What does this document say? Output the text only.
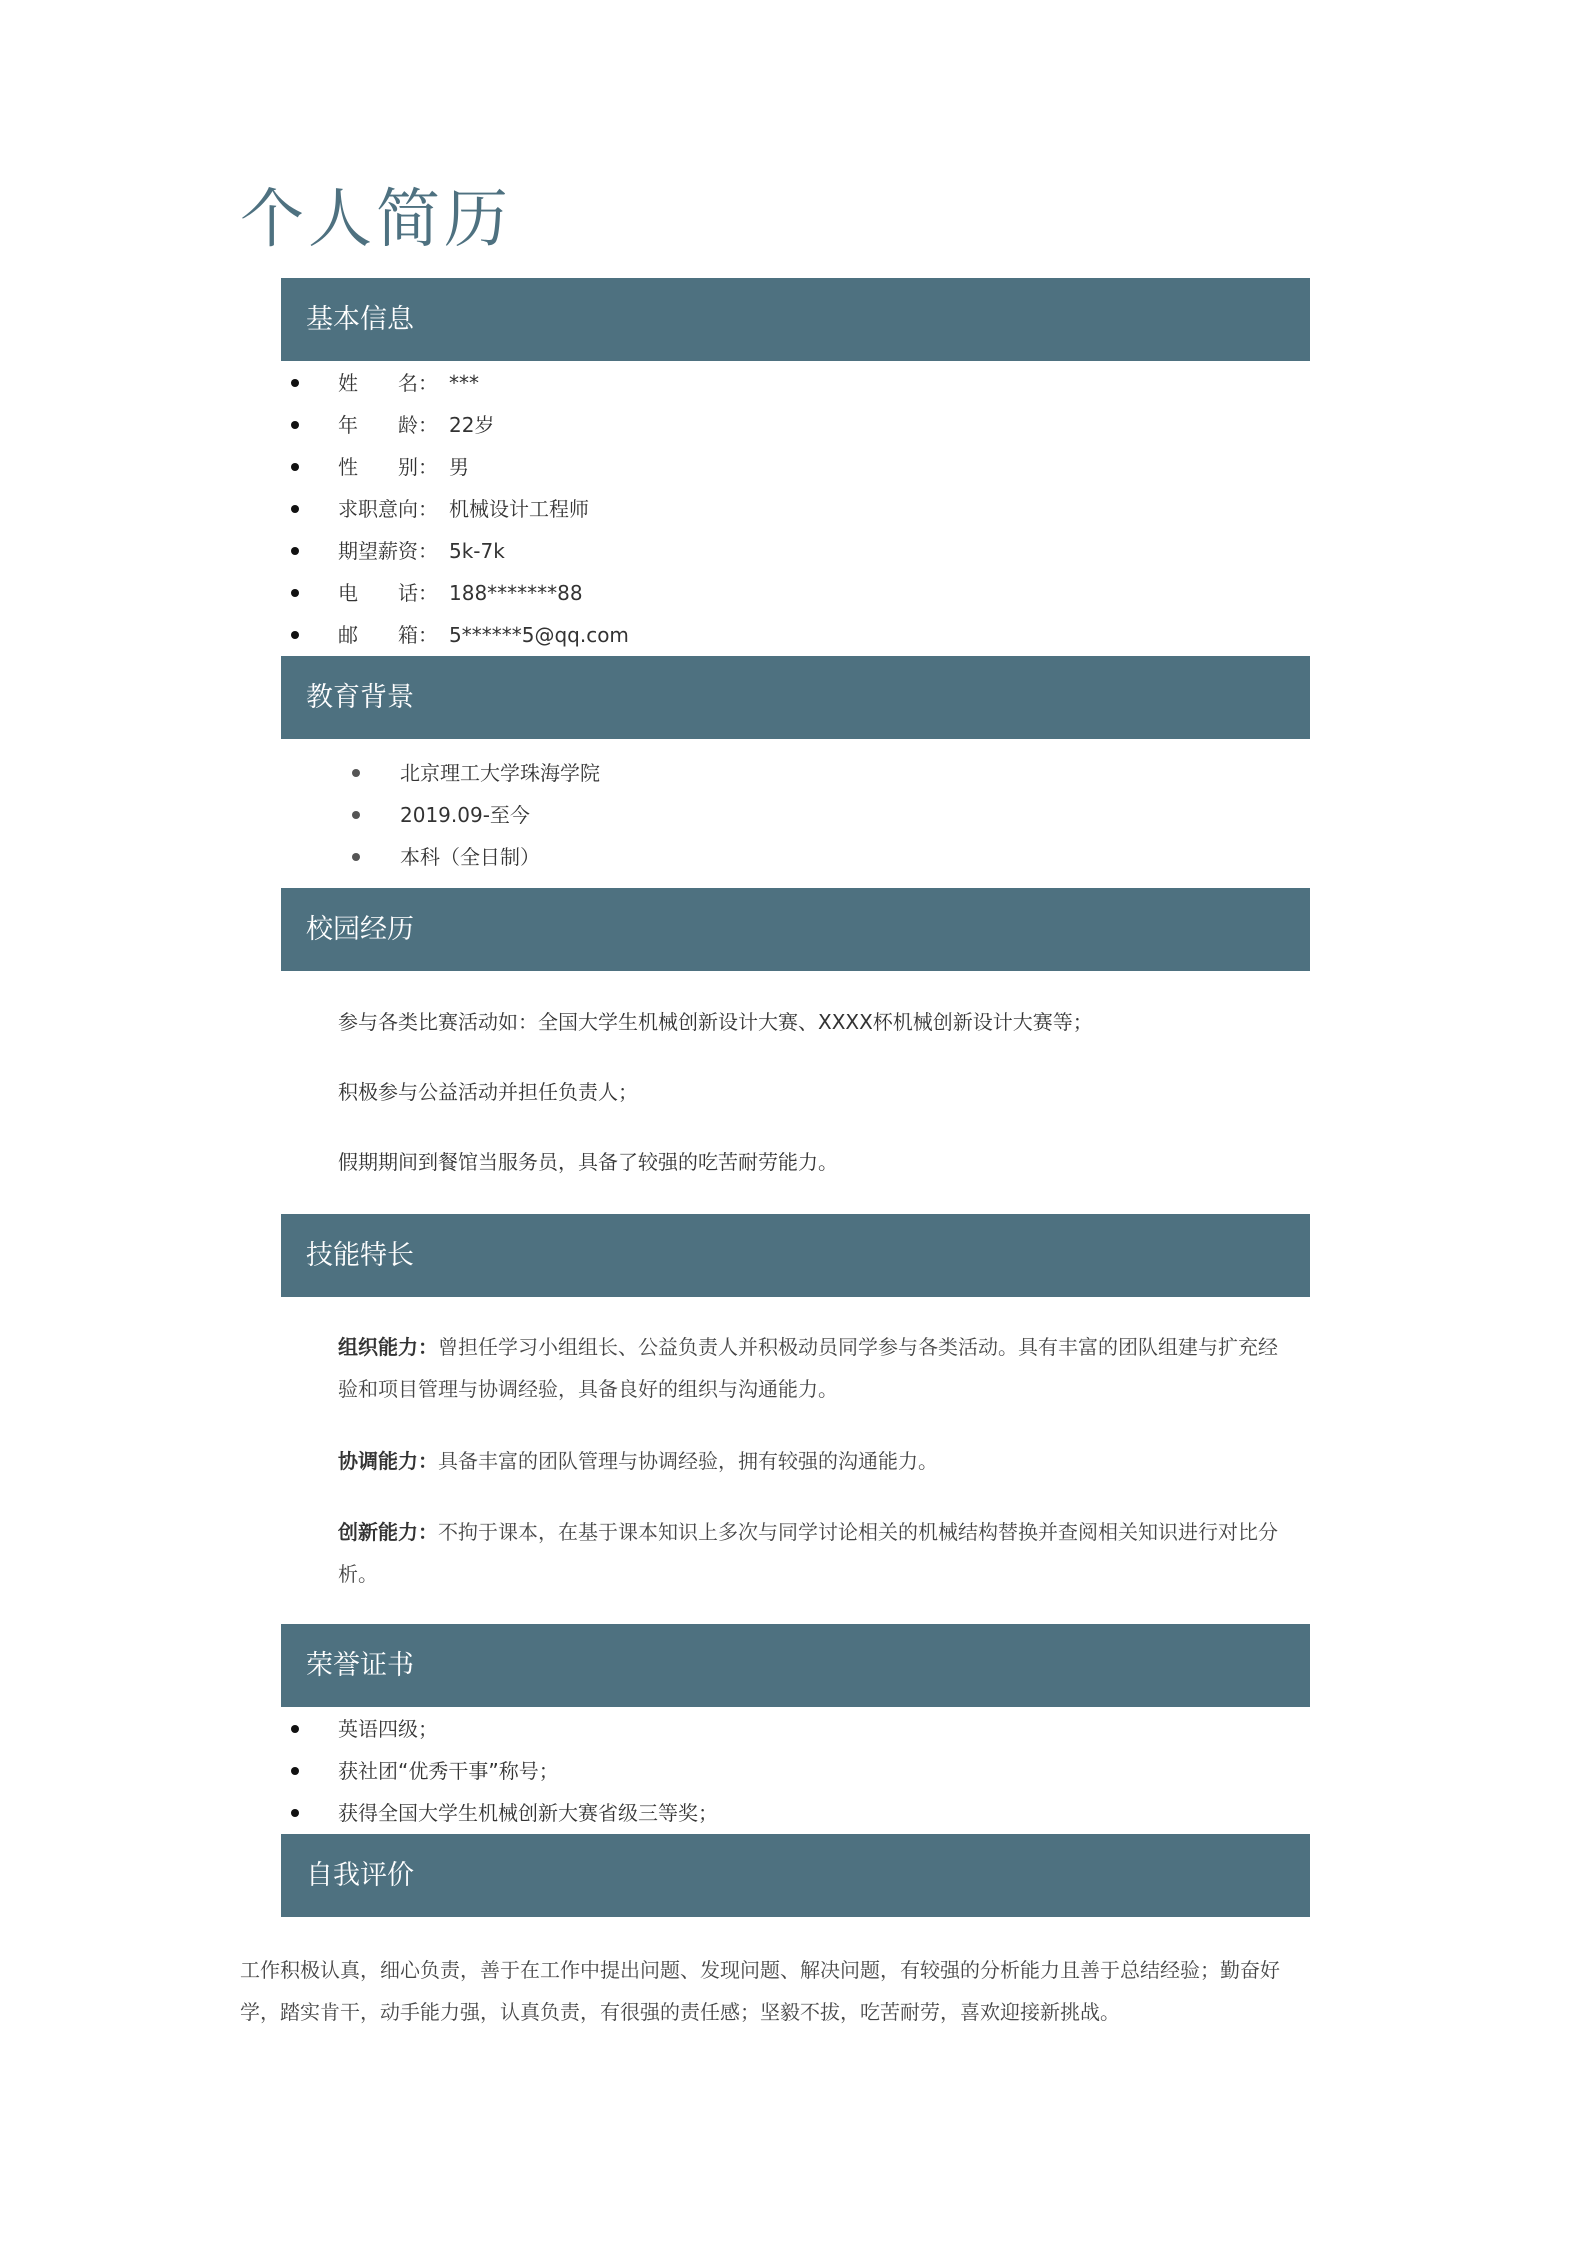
个人简历
基本信息
姓　　名： ***
年　　龄： 22岁
性　　别： 男
求职意向： 机械设计工程师
期望薪资： 5k-7k
电　　话： 188*******88
邮　　箱： 5******5@qq.com
教育背景
北京理工大学珠海学院
2019.09-至今
本科（全日制）
校园经历
参与各类比赛活动如：全国大学生机械创新设计大赛、XXXX杯机械创新设计大赛等；
积极参与公益活动并担任负责人；
假期期间到餐馆当服务员，具备了较强的吃苦耐劳能力。
技能特长
组织能力：曾担任学习小组组长、公益负责人并积极动员同学参与各类活动。具有丰富的团队组建与扩充经验和项目管理与协调经验，具备良好的组织与沟通能力。
协调能力：具备丰富的团队管理与协调经验，拥有较强的沟通能力。
创新能力：不拘于课本，在基于课本知识上多次与同学讨论相关的机械结构替换并查阅相关知识进行对比分析。
荣誉证书
英语四级；
获社团“优秀干事”称号；
获得全国大学生机械创新大赛省级三等奖；
自我评价
工作积极认真，细心负责，善于在工作中提出问题、发现问题、解决问题，有较强的分析能力且善于总结经验；勤奋好学，踏实肯干，动手能力强，认真负责，有很强的责任感；坚毅不拔，吃苦耐劳，喜欢迎接新挑战。
